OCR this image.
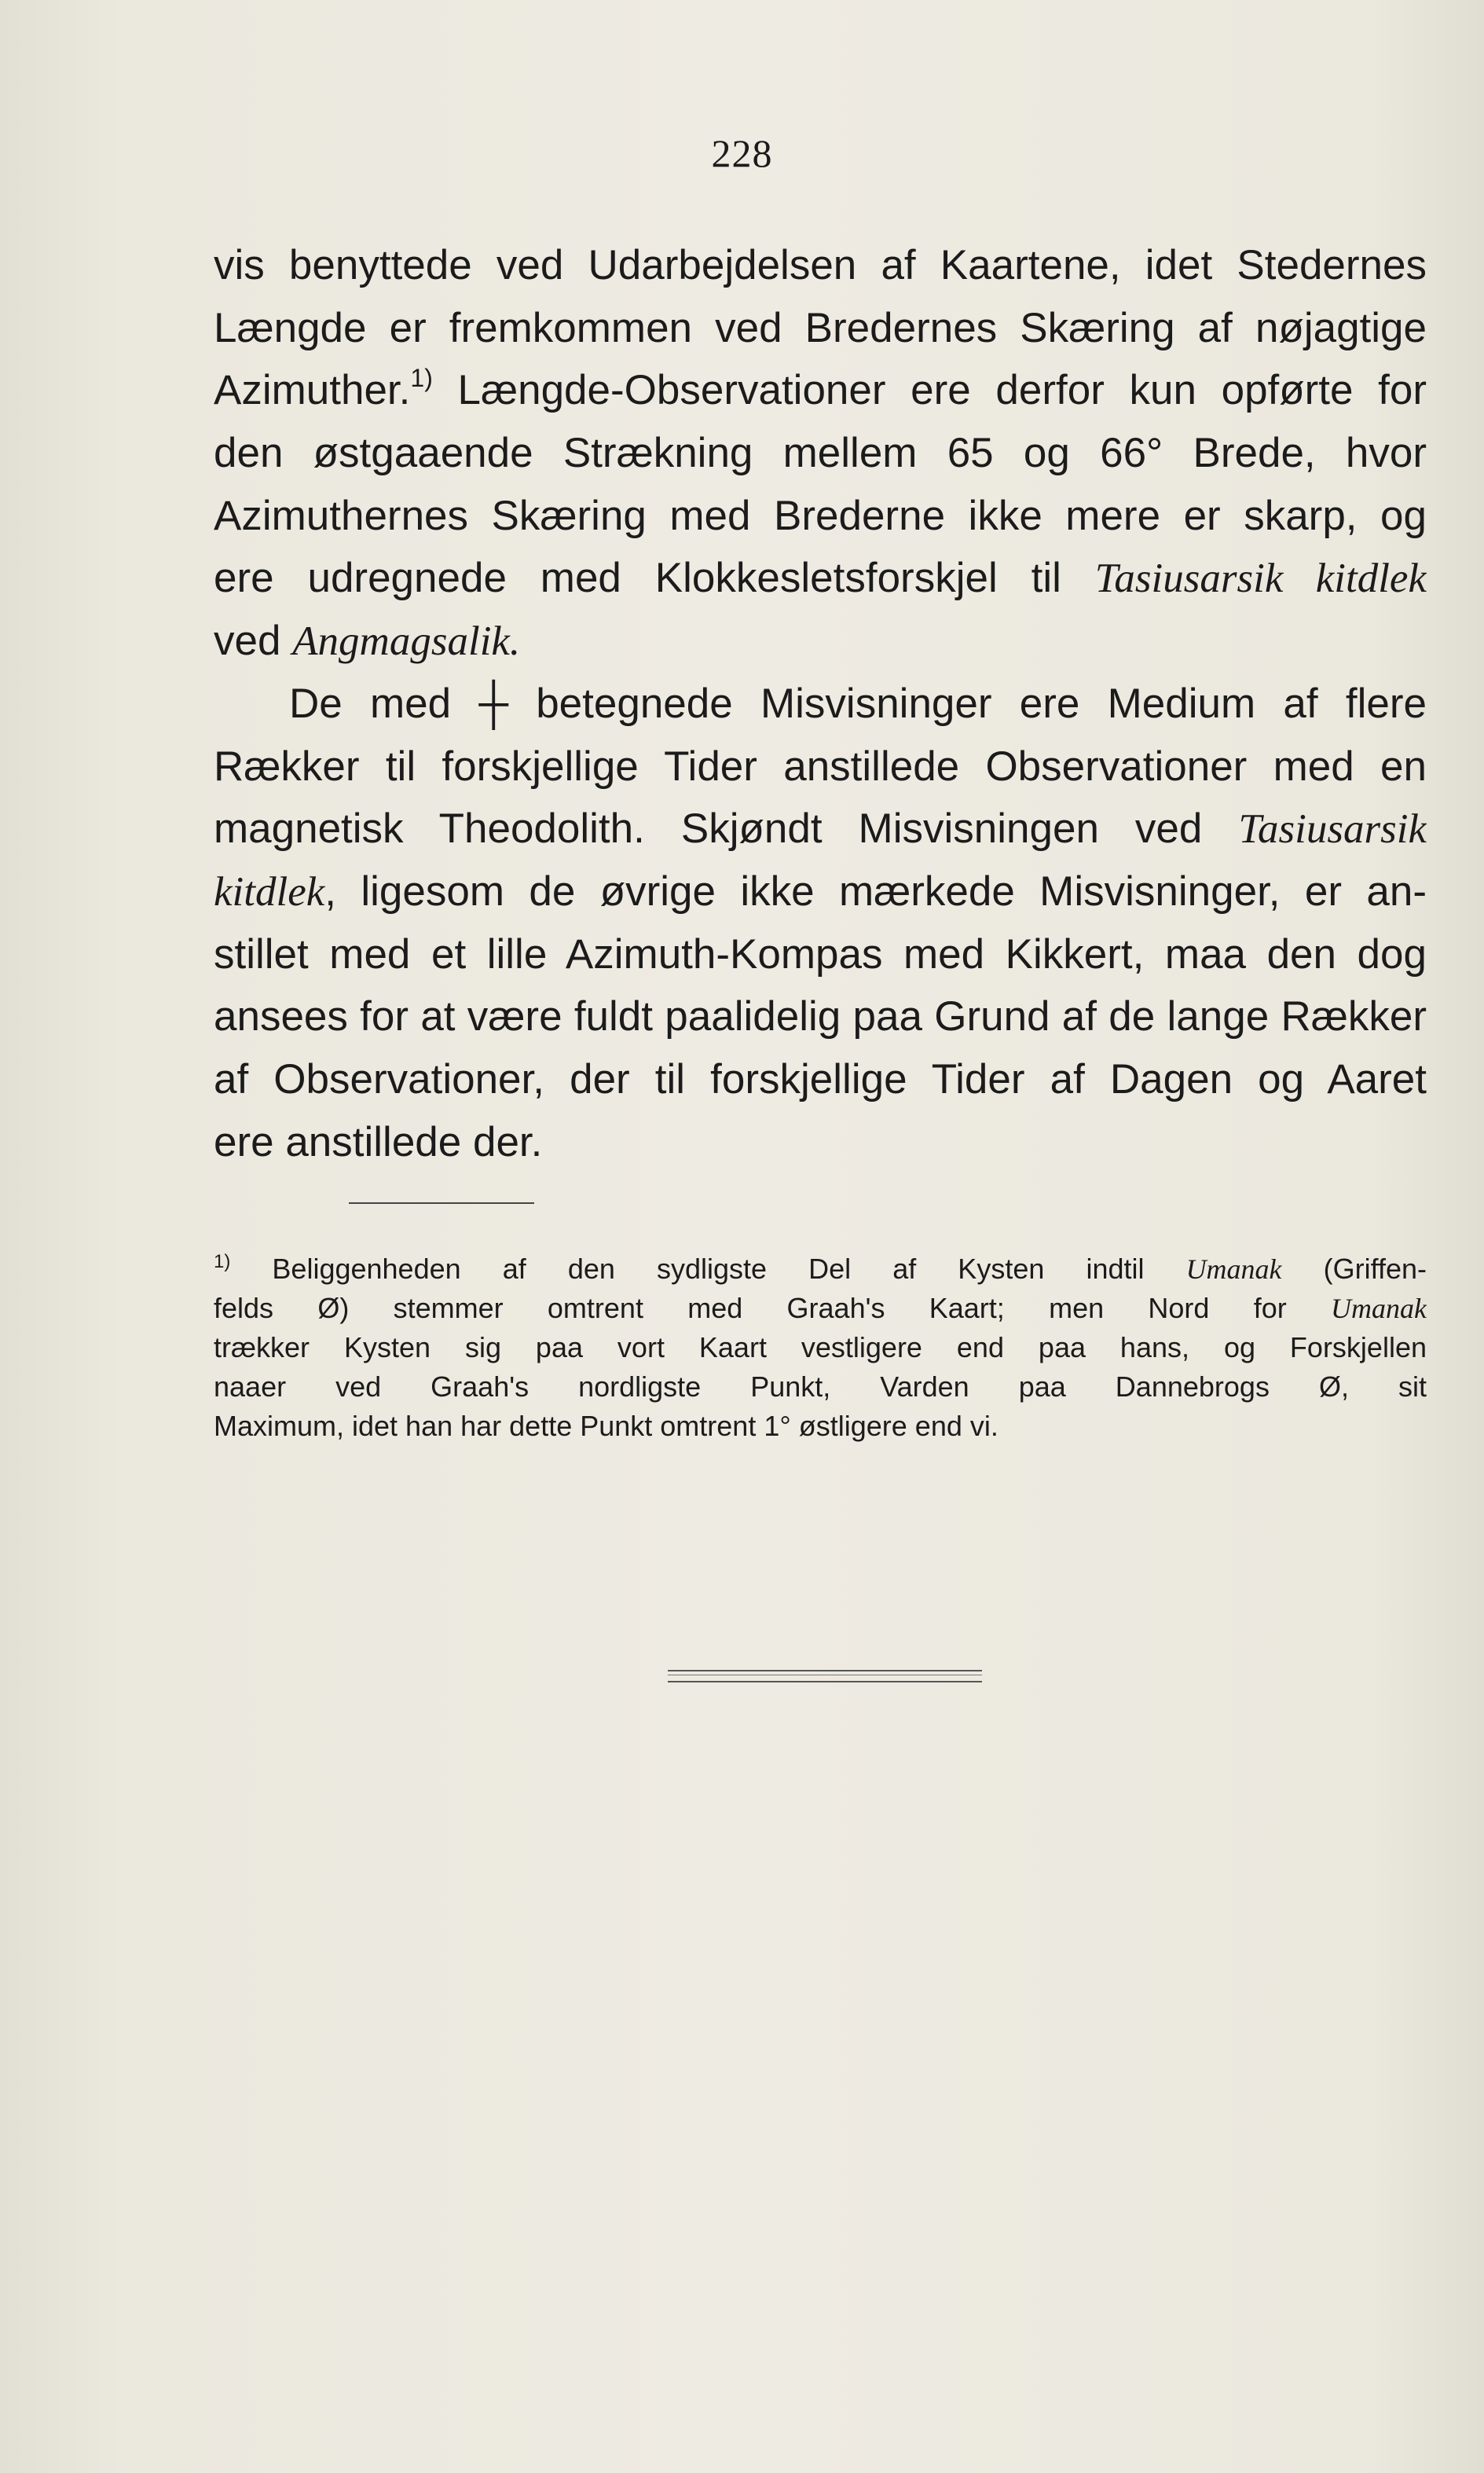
228
vis benyttede ved Udarbejdelsen af Kaartene, idet Stedernes
Længde er fremkommen ved Bredernes Skæring af nøjagtige
Azimuther.$^{1)}$ Længde-Observationer ere derfor kun opførte for
den østgaaende Strækning mellem 65 og 66° Brede, hvor
Azimuthernes Skæring med Brederne ikke mere er skarp, og
ere udregnede med Klokkesletsforskjel til Tasiusarsik kitdlek
ved Angmagsalik.
De med ┼ betegnede Misvisninger ere Medium af flere
Rækker til forskjellige Tider anstillede Observationer med en
magnetisk Theodolith. Skjøndt Misvisningen ved Tasiusarsik
kitdlek, ligesom de øvrige ikke mærkede Misvisninger, er an-
stillet med et lille Azimuth-Kompas med Kikkert, maa den dog
ansees for at være fuldt paalidelig paa Grund af de lange Rækker
af Observationer, der til forskjellige Tider af Dagen og Aaret
ere anstillede der.
$^{1)}$ Beliggenheden af den sydligste Del af Kysten indtil Umanak (Griffen-
felds Ø) stemmer omtrent med Graah's Kaart; men Nord for Umanak
trækker Kysten sig paa vort Kaart vestligere end paa hans, og Forskjellen
naaer ved Graah's nordligste Punkt, Varden paa Dannebrogs Ø, sit
Maximum, idet han har dette Punkt omtrent 1° østligere end vi.
